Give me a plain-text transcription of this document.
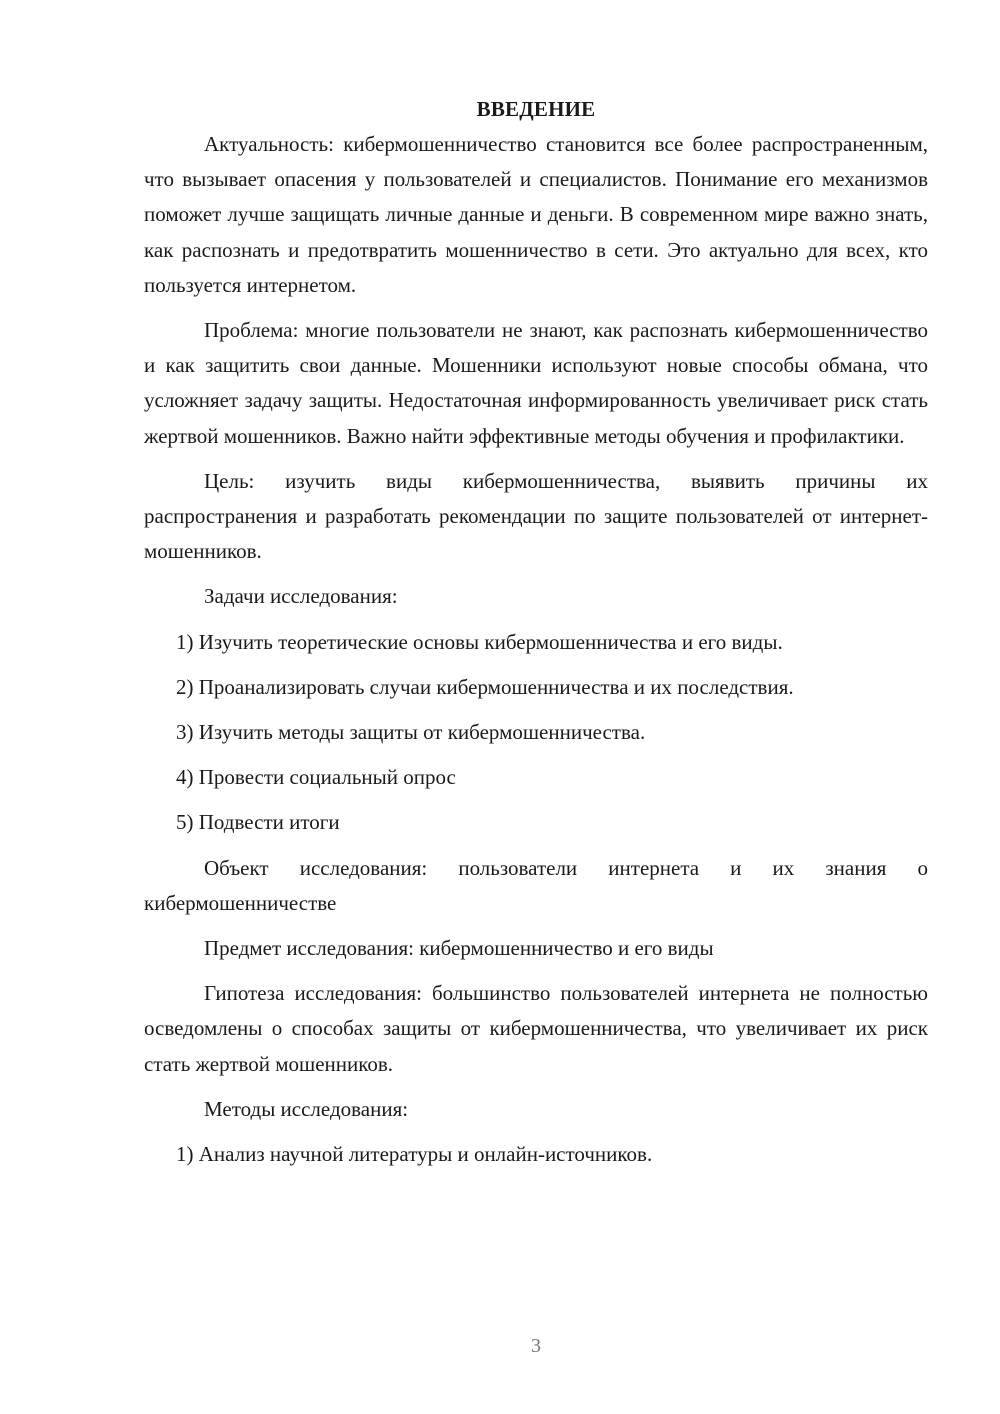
ВВЕДЕНИЕ

Актуальность: кибермошенничество становится все более распространенным, что вызывает опасения у пользователей и специалистов. Понимание его механизмов поможет лучше защищать личные данные и деньги. В современном мире важно знать, как распознать и предотвратить мошенничество в сети. Это актуально для всех, кто пользуется интернетом.

Проблема: многие пользователи не знают, как распознать кибермошенничество и как защитить свои данные. Мошенники используют новые способы обмана, что усложняет задачу защиты. Недостаточная информированность увеличивает риск стать жертвой мошенников. Важно найти эффективные методы обучения и профилактики.

Цель: изучить виды кибермошенничества, выявить причины их распространения и разработать рекомендации по защите пользователей от интернет-мошенников.

Задачи исследования:

1) Изучить теоретические основы кибермошенничества и его виды.

2) Проанализировать случаи кибермошенничества и их последствия.

3) Изучить методы защиты от кибермошенничества.

4) Провести социальный опрос

5) Подвести итоги

Объект исследования: пользователи интернета и их знания о кибермошенничестве

Предмет исследования: кибермошенничество и его виды

Гипотеза исследования: большинство пользователей интернета не полностью осведомлены о способах защиты от кибермошенничества, что увеличивает их риск стать жертвой мошенников.

Методы исследования:

1) Анализ научной литературы и онлайн-источников.

3
